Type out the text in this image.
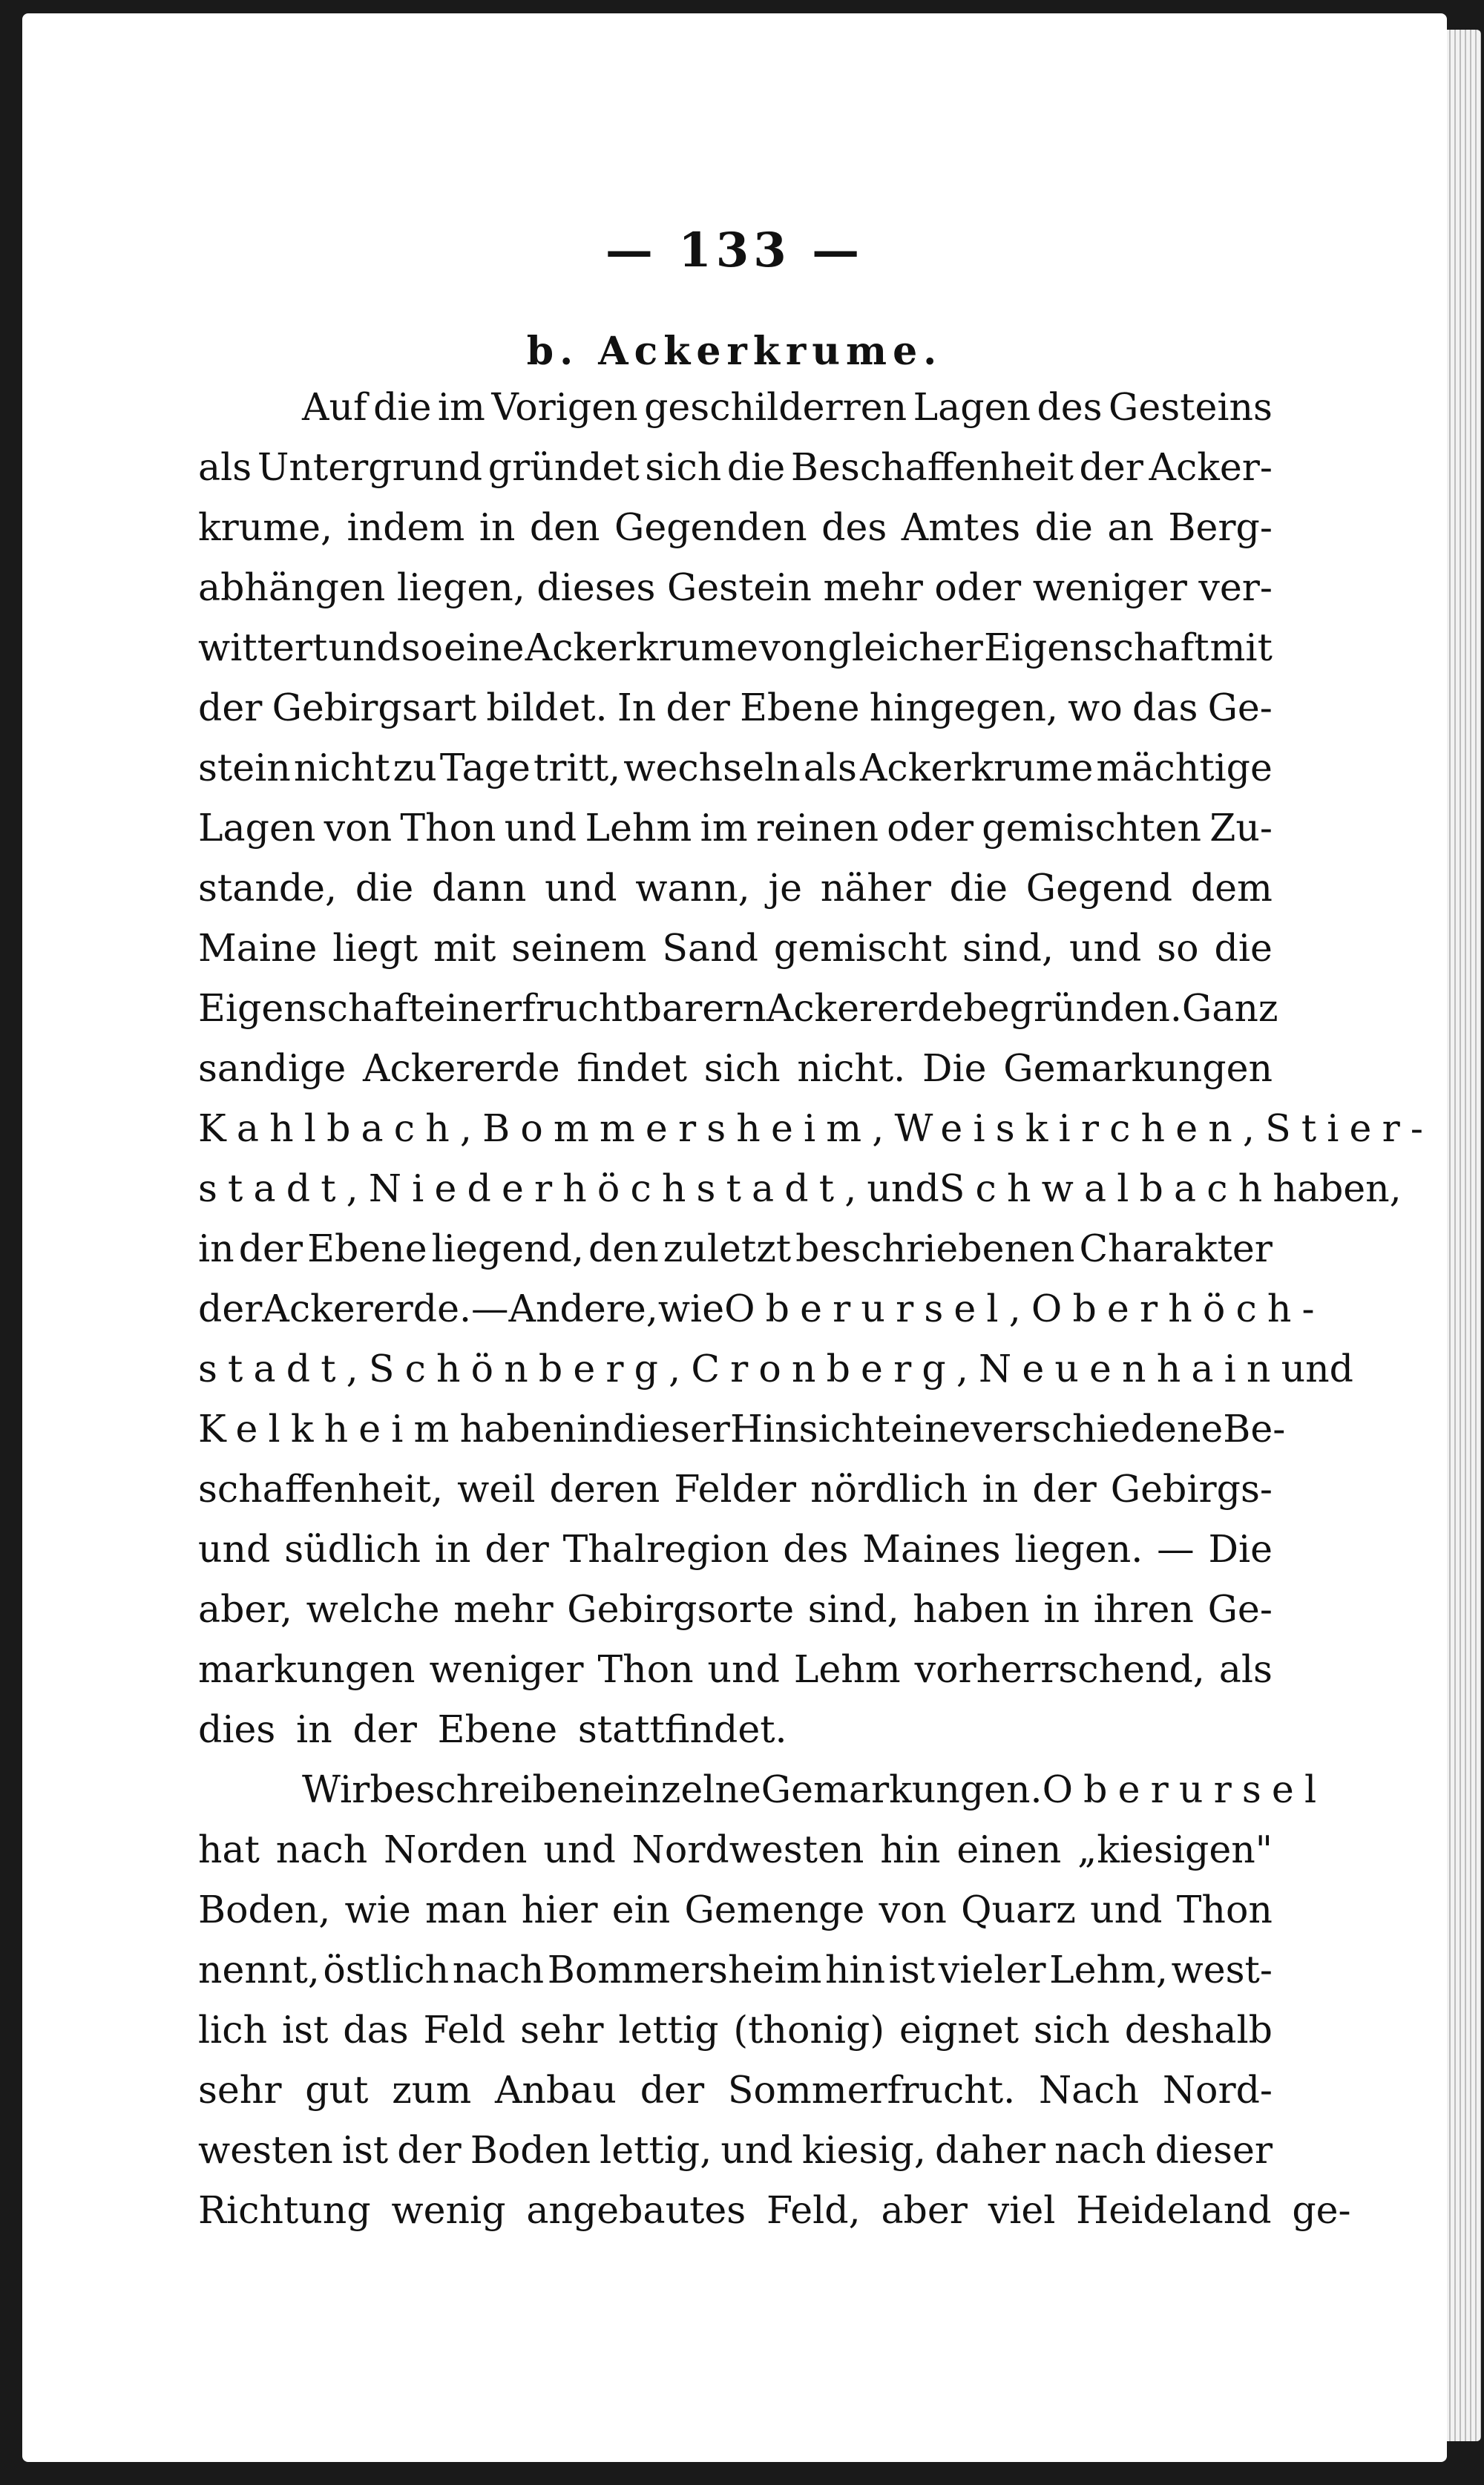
— 133 —
b. Ackerkrume.
Auf die im Vorigen geschilderren Lagen des Gesteins
als Untergrund gründet sich die Beschaffenheit der Acker-
krume, indem in den Gegenden des Amtes die an Berg-
abhängen liegen, dieses Gestein mehr oder weniger ver-
wittert und so eine Ackerkrume von gleicher Eigenschaft mit
der Gebirgsart bildet. In der Ebene hingegen, wo das Ge-
stein nicht zu Tage tritt, wechseln als Ackerkrume mächtige
Lagen von Thon und Lehm im reinen oder gemischten Zu-
stande, die dann und wann, je näher die Gegend dem
Maine liegt mit seinem Sand gemischt sind, und so die
Eigenschaft einer fruchtbarern Ackererde begründen. Ganz
sandige Ackererde findet sich nicht. Die Gemarkungen
Kahlbach, Bommersheim, Weiskirchen, Stier-
stadt, Niederhöchstadt, und Schwalbach haben,
in der Ebene liegend, den zuletzt beschriebenen Charakter
der Ackererde. — Andere, wie Oberursel, Oberhöch-
stadt, Schönberg, Cronberg, Neuenhain und
Kelkheim haben in dieser Hinsicht eine verschiedene Be-
schaffenheit, weil deren Felder nördlich in der Gebirgs-
und südlich in der Thalregion des Maines liegen. — Die
aber, welche mehr Gebirgsorte sind, haben in ihren Ge-
markungen weniger Thon und Lehm vorherrschend, als
dies in der Ebene stattfindet.
Wir beschreiben einzelne Gemarkungen. Oberursel
hat nach Norden und Nordwesten hin einen „kiesigen"
Boden, wie man hier ein Gemenge von Quarz und Thon
nennt, östlich nach Bommersheim hin ist vieler Lehm, west-
lich ist das Feld sehr lettig (thonig) eignet sich deshalb
sehr gut zum Anbau der Sommerfrucht. Nach Nord-
westen ist der Boden lettig, und kiesig, daher nach dieser
Richtung wenig angebautes Feld, aber viel Heideland ge-
